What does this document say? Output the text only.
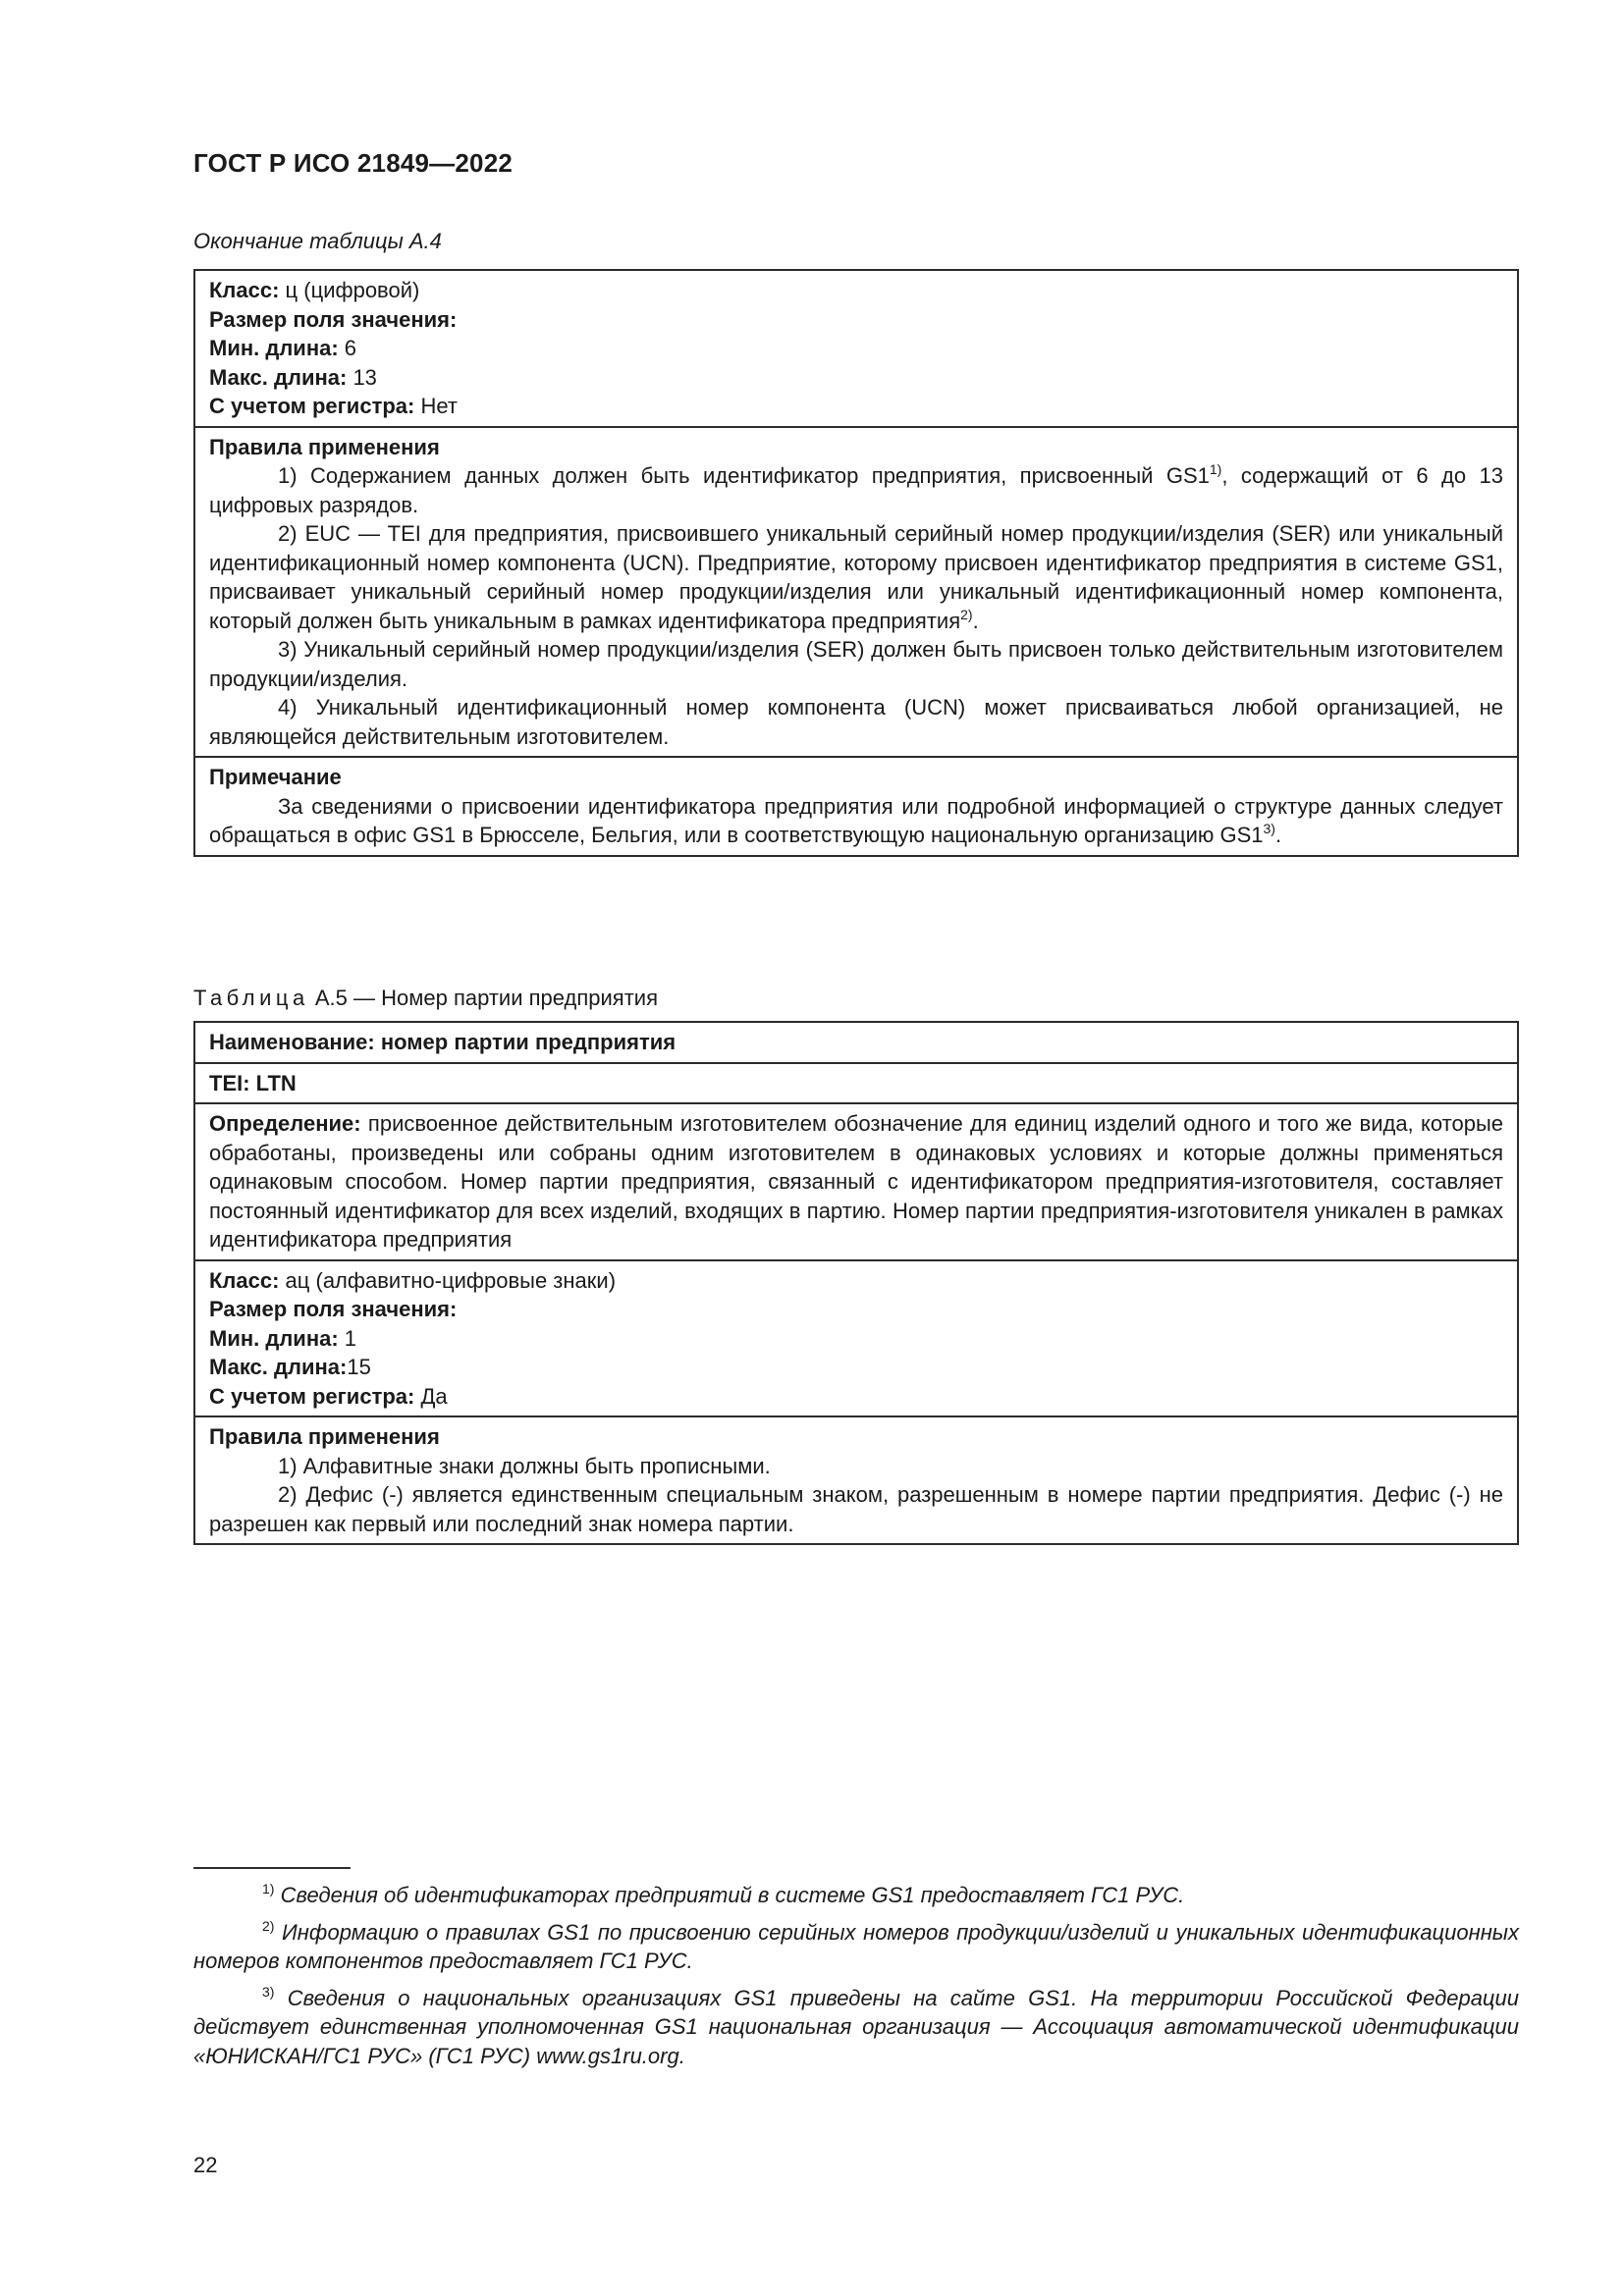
ГОСТ Р ИСО 21849—2022
Окончание таблицы А.4
Класс: ц (цифровой)
Размер поля значения:
Мин. длина: 6
Макс. длина: 13
С учетом регистра: Нет

Правила применения
1) Содержанием данных должен быть идентификатор предприятия, присвоенный GS1$^{1)}$, содержащий от 6 до 13 цифровых разрядов.
2) EUC — TEI для предприятия, присвоившего уникальный серийный номер продукции/изделия (SER) или уникальный идентификационный номер компонента (UCN). Предприятие, которому присвоен идентификатор предприятия в системе GS1, присваивает уникальный серийный номер продукции/изделия или уникальный идентификационный номер компонента, который должен быть уникальным в рамках идентификатора предприятия$^{2)}$.
3) Уникальный серийный номер продукции/изделия (SER) должен быть присвоен только действительным изготовителем продукции/изделия.
4) Уникальный идентификационный номер компонента (UCN) может присваиваться любой организацией, не являющейся действительным изготовителем.

Примечание
За сведениями о присвоении идентификатора предприятия или подробной информацией о структуре данных следует обращаться в офис GS1 в Брюсселе, Бельгия, или в соответствующую национальную организацию GS1$^{3)}$.
Таблица А.5 — Номер партии предприятия
Наименование: номер партии предприятия
TEI: LTN
Определение: присвоенное действительным изготовителем обозначение для единиц изделий одного и того же вида, которые обработаны, произведены или собраны одним изготовителем в одинаковых условиях и которые должны применяться одинаковым способом. Номер партии предприятия, связанный с идентификатором предприятия-изготовителя, составляет постоянный идентификатор для всех изделий, входящих в партию. Номер партии предприятия-изготовителя уникален в рамках идентификатора предприятия

Класс: ац (алфавитно-цифровые знаки)
Размер поля значения:
Мин. длина: 1
Макс. длина:15
С учетом регистра: Да

Правила применения
1) Алфавитные знаки должны быть прописными.
2) Дефис (-) является единственным специальным знаком, разрешенным в номере партии предприятия. Дефис (-) не разрешен как первый или последний знак номера партии.

$^{1)}$ Сведения об идентификаторах предприятий в системе GS1 предоставляет ГС1 РУС.

$^{2)}$ Информацию о правилах GS1 по присвоению серийных номеров продукции/изделий и уникальных идентификационных номеров компонентов предоставляет ГС1 РУС.

$^{3)}$ Сведения о национальных организациях GS1 приведены на сайте GS1. На территории Российской Федерации действует единственная уполномоченная GS1 национальная организация — Ассоциация автоматической идентификации «ЮНИСКАН/ГС1 РУС» (ГС1 РУС) www.gs1ru.org.

22
